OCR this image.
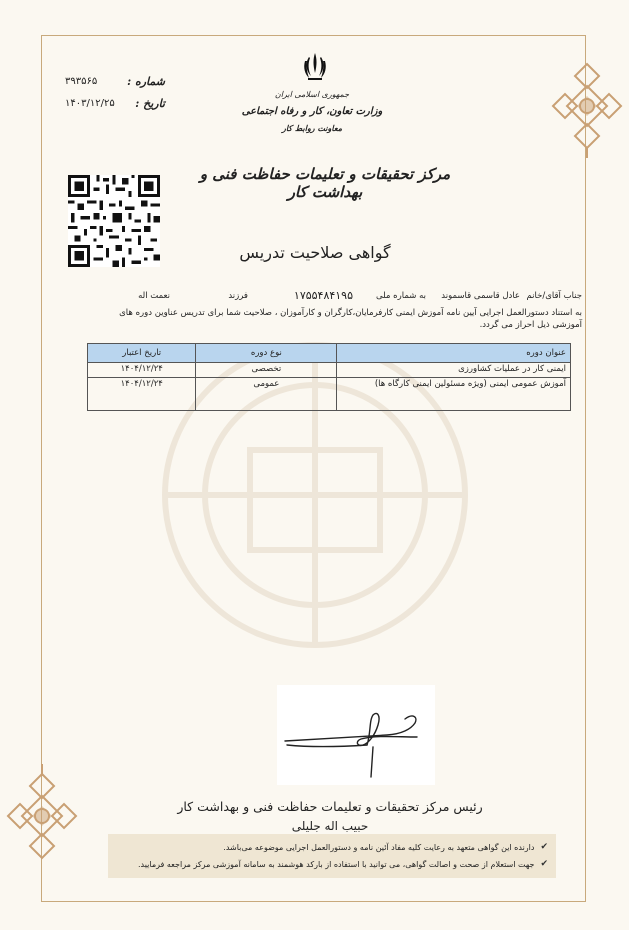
شماره :
۳۹۳۵۶۵
تاریخ :
۱۴۰۳/۱۲/۲۵
جمهوری اسلامی ایران
وزارت تعاون، کار و رفاه اجتماعی
معاونت روابط کار
مرکز تحقیقات و تعلیمات حفاظت فنی و بهداشت کار
گواهی صلاحیت تدریس
جناب آقای/خانم
عادل قاسمی قاسموند
به شماره ملی
۱۷۵۵۴۸۴۱۹۵
فرزند
نعمت اله
به استناد دستورالعمل اجرایی آیین نامه آموزش ایمنی کارفرمایان،کارگران و کارآموزان ، صلاحیت شما برای تدریس عناوین دوره های آموزشی ذیل احراز می گردد.
عنوان دوره	نوع دوره	تاریخ اعتبار
ایمنی کار در عملیات کشاورزی	تخصصی	۱۴۰۴/۱۲/۲۴
آموزش عمومی ایمنی (ویژه مسئولین ایمنی کارگاه ها)	عمومی	۱۴۰۴/۱۲/۲۴
رئیس مرکز تحقیقات و تعلیمات حفاظت فنی و بهداشت کار
حبیب اله جلیلی
✔
دارنده این گواهی متعهد به رعایت کلیه مفاد آئین نامه و دستورالعمل اجرایی موضوعه می‌باشد.
✔
جهت استعلام از صحت و اصالت گواهی، می توانید با استفاده از بارکد هوشمند به سامانه آموزشی مرکز مراجعه فرمایید.
